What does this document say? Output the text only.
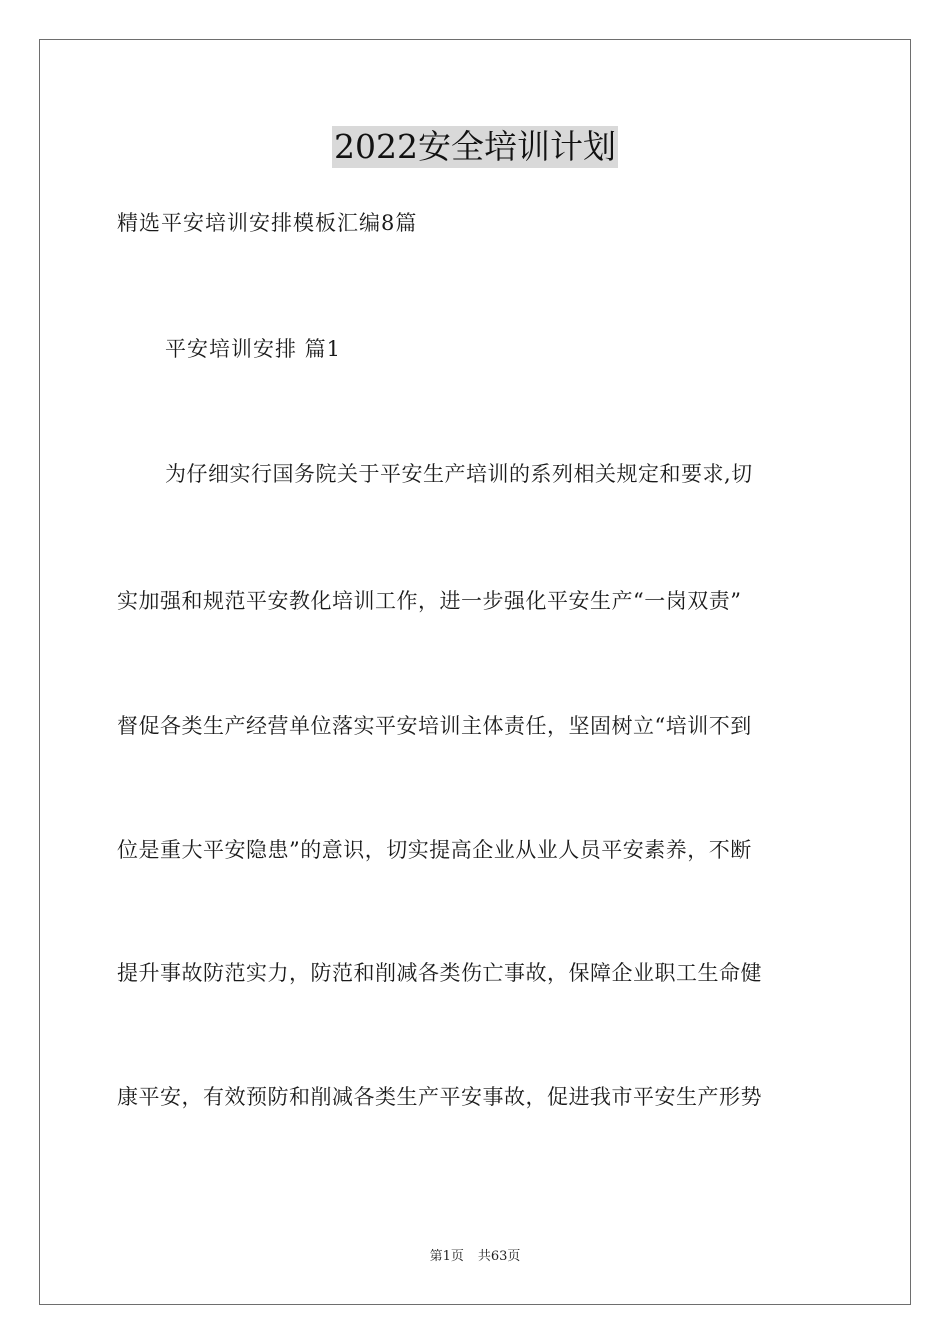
2022安全培训计划
精选平安培训安排模板汇编8篇
平安培训安排 篇1
为仔细实行国务院关于平安生产培训的系列相关规定和要求,切
实加强和规范平安教化培训工作，进一步强化平安生产“一岗双责”
督促各类生产经营单位落实平安培训主体责任，坚固树立“培训不到
位是重大平安隐患”的意识，切实提高企业从业人员平安素养，不断
提升事故防范实力，防范和削减各类伤亡事故，保障企业职工生命健
康平安，有效预防和削减各类生产平安事故，促进我市平安生产形势
第1页 共63页
